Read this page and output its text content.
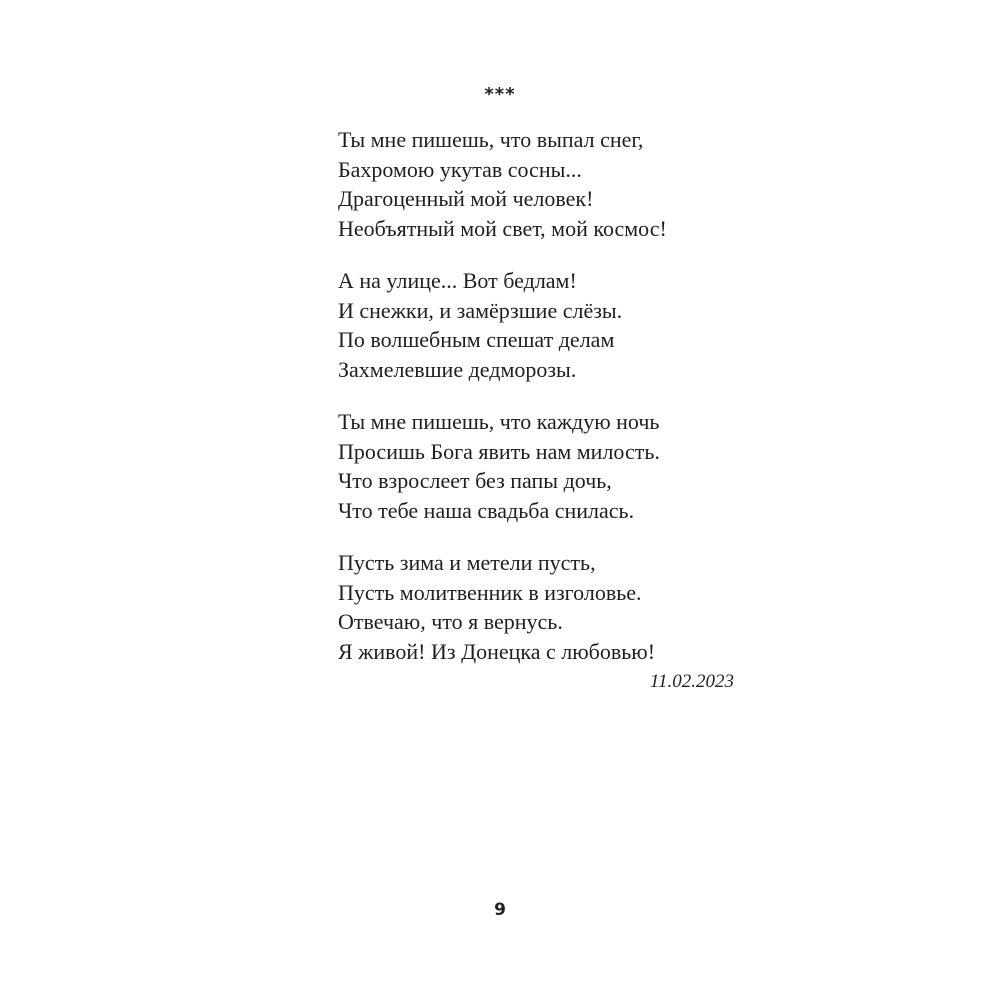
***
Ты мне пишешь, что выпал снег,
Бахромою укутав сосны...
Драгоценный мой человек!
Необъятный мой свет, мой космос!
А на улице... Вот бедлам!
И снежки, и замёрзшие слёзы.
По волшебным спешат делам
Захмелевшие дедморозы.
Ты мне пишешь, что каждую ночь
Просишь Бога явить нам милость.
Что взрослеет без папы дочь,
Что тебе наша свадьба снилась.
Пусть зима и метели пусть,
Пусть молитвенник в изголовье.
Отвечаю, что я вернусь.
Я живой! Из Донецка с любовью!
11.02.2023
9
